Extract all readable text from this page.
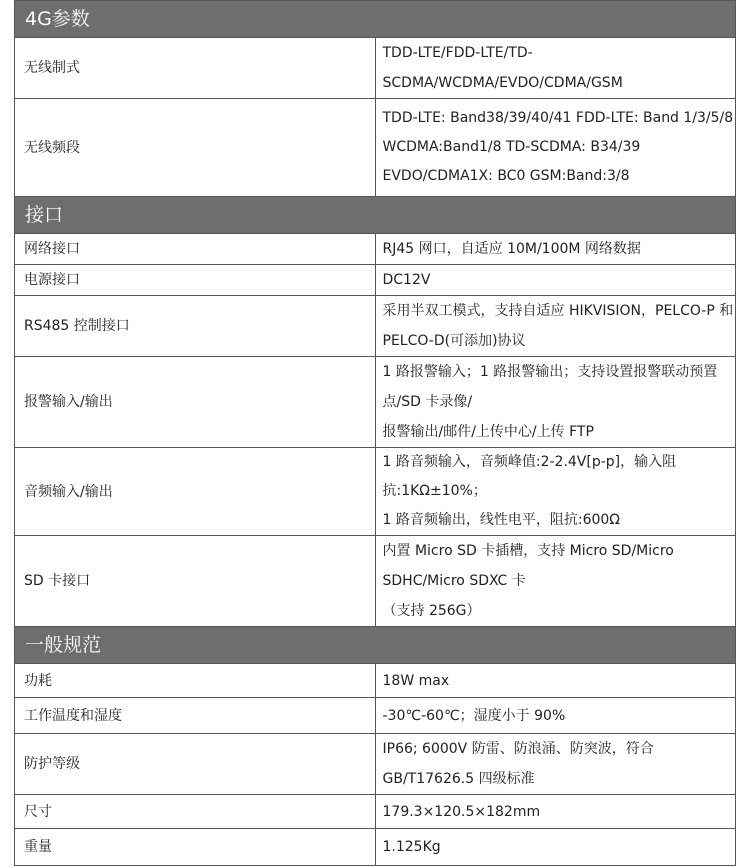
4G参数	
无线制式	TDD-LTE/FDD-LTE/TD-SCDMA/WCDMA/EVDO/CDMA/GSM

无线频段	TDD-LTE: Band38/39/40/41 FDD-LTE: Band 1/3/5/8
WCDMA:Band1/8 TD-SCDMA: B34/39
EVDO/CDMA1X: BC0 GSM:Band:3/8

接口	
网络接口	RJ45 网口，自适应 10M/100M 网络数据

电源接口	DC12V

RS485 控制接口	采用半双工模式，支持自适应 HIKVISION，PELCO-P 和
PELCO-D(可添加)协议

报警输入/输出	1 路报警输入；1 路报警输出；支持设置报警联动预置点/SD 卡录像/
报警输出/邮件/上传中心/上传 FTP

音频输入/输出	1 路音频输入，音频峰值:2-2.4V[p-p]，输入阻抗:1KΩ±10%；
1 路音频输出，线性电平，阻抗:600Ω

SD 卡接口	内置 Micro SD 卡插槽，支持 Micro SD/Micro SDHC/Micro SDXC 卡
（支持 256G）

一般规范	
功耗	18W max

工作温度和湿度	-30℃-60℃；湿度小于 90%

防护等级	IP66; 6000V 防雷、防浪涌、防突波，符合 GB/T17626.5 四级标准

尺寸	179.3×120.5×182mm

重量	1.125Kg
